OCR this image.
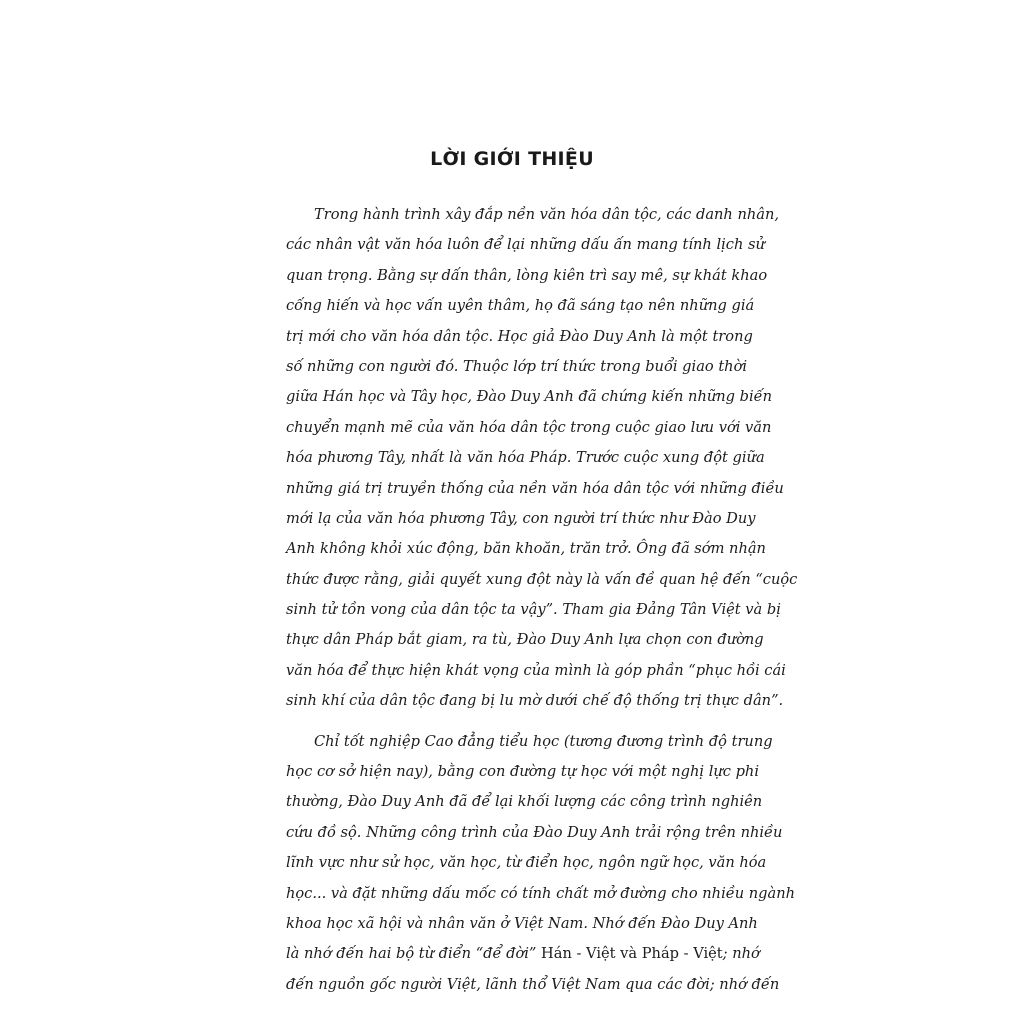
LỜI GIỚI THIỆU
Trong hành trình xây đắp nền văn hóa dân tộc, các danh nhân,
các nhân vật văn hóa luôn để lại những dấu ấn mang tính lịch sử
quan trọng. Bằng sự dấn thân, lòng kiên trì say mê, sự khát khao
cống hiến và học vấn uyên thâm, họ đã sáng tạo nên những giá
trị mới cho văn hóa dân tộc. Học giả Đào Duy Anh là một trong
số những con người đó. Thuộc lớp trí thức trong buổi giao thời
giữa Hán học và Tây học, Đào Duy Anh đã chứng kiến những biến
chuyển mạnh mẽ của văn hóa dân tộc trong cuộc giao lưu với văn
hóa phương Tây, nhất là văn hóa Pháp. Trước cuộc xung đột giữa
những giá trị truyền thống của nền văn hóa dân tộc với những điều
mới lạ của văn hóa phương Tây, con người trí thức như Đào Duy
Anh không khỏi xúc động, băn khoăn, trăn trở. Ông đã sớm nhận
thức được rằng, giải quyết xung đột này là vấn đề quan hệ đến “cuộc
sinh tử tồn vong của dân tộc ta vậy”. Tham gia Đảng Tân Việt và bị
thực dân Pháp bắt giam, ra tù, Đào Duy Anh lựa chọn con đường
văn hóa để thực hiện khát vọng của mình là góp phần “phục hồi cái
sinh khí của dân tộc đang bị lu mờ dưới chế độ thống trị thực dân”.
Chỉ tốt nghiệp Cao đẳng tiểu học (tương đương trình độ trung
học cơ sở hiện nay), bằng con đường tự học với một nghị lực phi
thường, Đào Duy Anh đã để lại khối lượng các công trình nghiên
cứu đồ sộ. Những công trình của Đào Duy Anh trải rộng trên nhiều
lĩnh vực như sử học, văn học, từ điển học, ngôn ngữ học, văn hóa
học... và đặt những dấu mốc có tính chất mở đường cho nhiều ngành
khoa học xã hội và nhân văn ở Việt Nam. Nhớ đến Đào Duy Anh
là nhớ đến hai bộ từ điển “để đời” Hán - Việt và Pháp - Việt; nhớ
đến nguồn gốc người Việt, lãnh thổ Việt Nam qua các đời; nhớ đến
